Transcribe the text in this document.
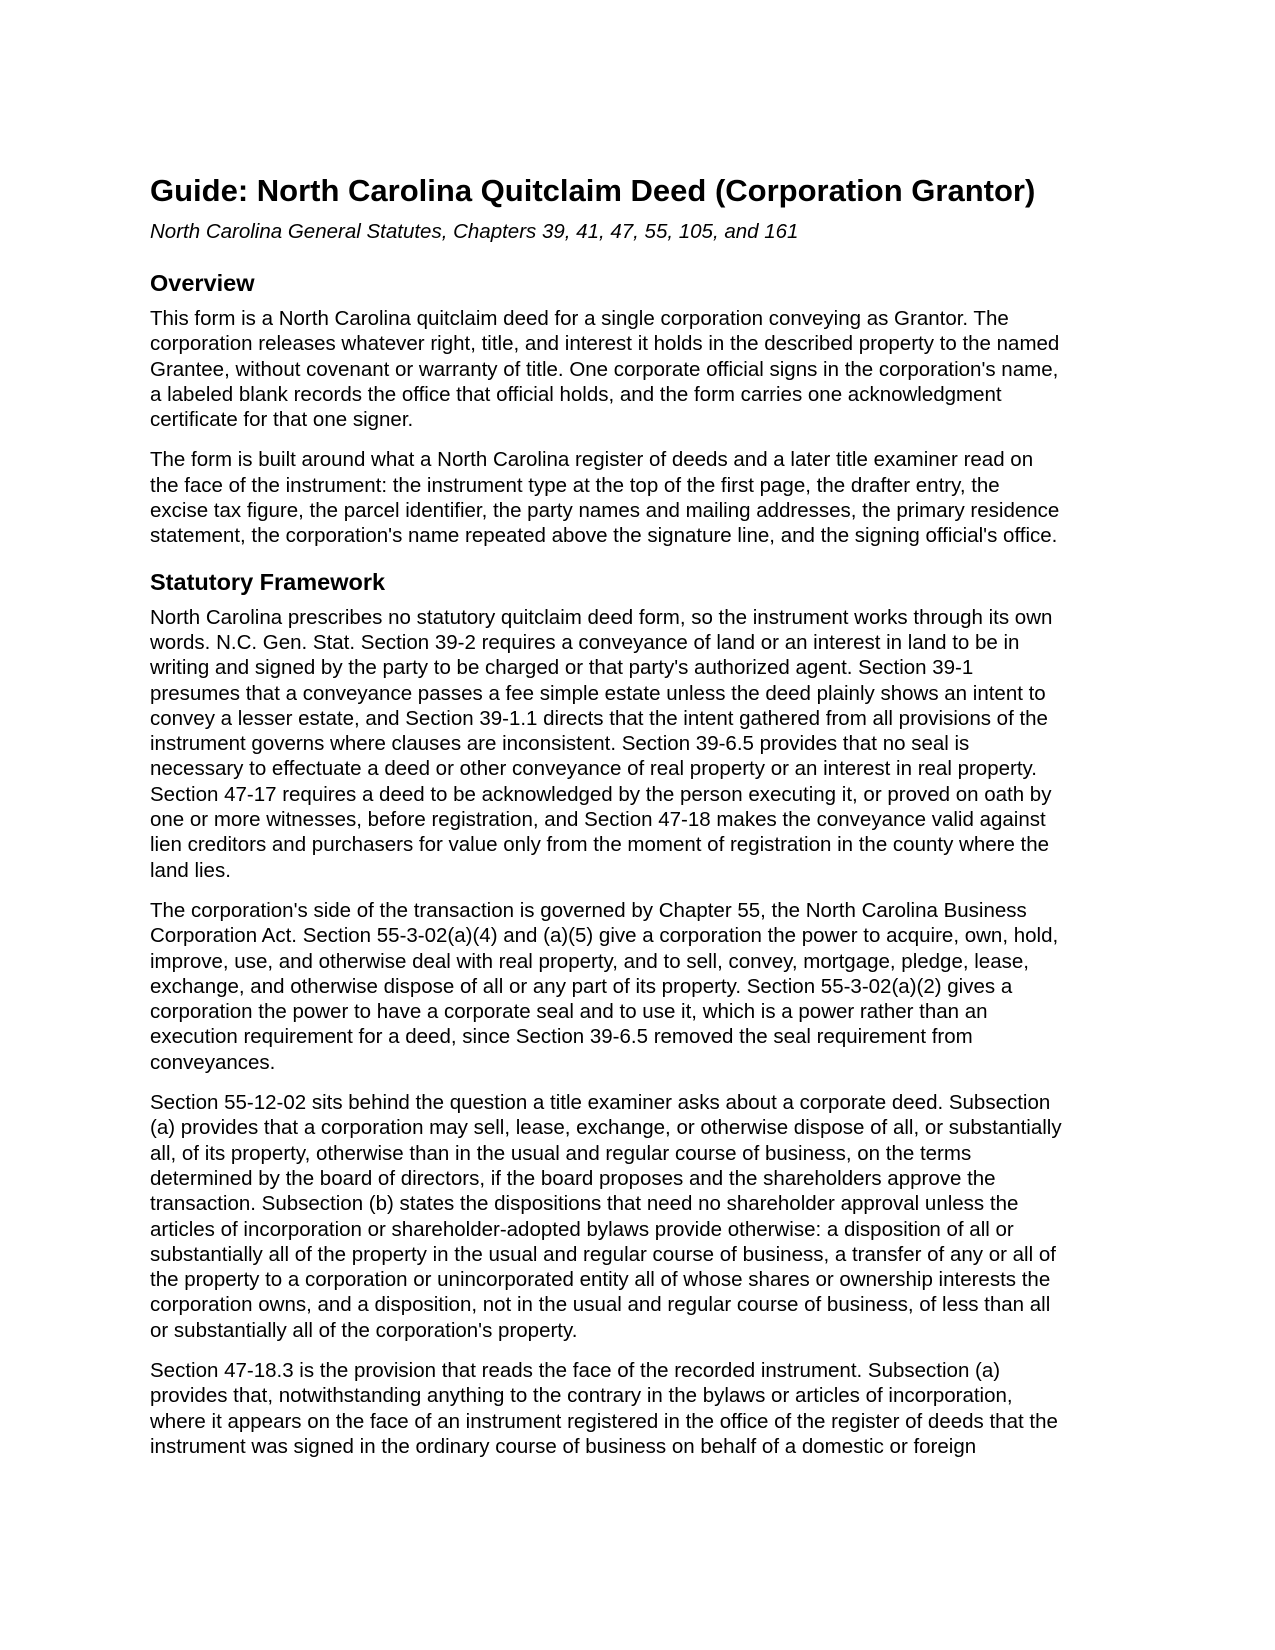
Guide: North Carolina Quitclaim Deed (Corporation Grantor)
North Carolina General Statutes, Chapters 39, 41, 47, 55, 105, and 161
Overview

This form is a North Carolina quitclaim deed for a single corporation conveying as Grantor. The
corporation releases whatever right, title, and interest it holds in the described property to the named
Grantee, without covenant or warranty of title. One corporate official signs in the corporation's name,
a labeled blank records the office that official holds, and the form carries one acknowledgment
certificate for that one signer.

The form is built around what a North Carolina register of deeds and a later title examiner read on
the face of the instrument: the instrument type at the top of the first page, the drafter entry, the
excise tax figure, the parcel identifier, the party names and mailing addresses, the primary residence
statement, the corporation's name repeated above the signature line, and the signing official's office.

Statutory Framework

North Carolina prescribes no statutory quitclaim deed form, so the instrument works through its own
words. N.C. Gen. Stat. Section 39-2 requires a conveyance of land or an interest in land to be in
writing and signed by the party to be charged or that party's authorized agent. Section 39-1
presumes that a conveyance passes a fee simple estate unless the deed plainly shows an intent to
convey a lesser estate, and Section 39-1.1 directs that the intent gathered from all provisions of the
instrument governs where clauses are inconsistent. Section 39-6.5 provides that no seal is
necessary to effectuate a deed or other conveyance of real property or an interest in real property.
Section 47-17 requires a deed to be acknowledged by the person executing it, or proved on oath by
one or more witnesses, before registration, and Section 47-18 makes the conveyance valid against
lien creditors and purchasers for value only from the moment of registration in the county where the
land lies.

The corporation's side of the transaction is governed by Chapter 55, the North Carolina Business
Corporation Act. Section 55-3-02(a)(4) and (a)(5) give a corporation the power to acquire, own, hold,
improve, use, and otherwise deal with real property, and to sell, convey, mortgage, pledge, lease,
exchange, and otherwise dispose of all or any part of its property. Section 55-3-02(a)(2) gives a
corporation the power to have a corporate seal and to use it, which is a power rather than an
execution requirement for a deed, since Section 39-6.5 removed the seal requirement from
conveyances.

Section 55-12-02 sits behind the question a title examiner asks about a corporate deed. Subsection
(a) provides that a corporation may sell, lease, exchange, or otherwise dispose of all, or substantially
all, of its property, otherwise than in the usual and regular course of business, on the terms
determined by the board of directors, if the board proposes and the shareholders approve the
transaction. Subsection (b) states the dispositions that need no shareholder approval unless the
articles of incorporation or shareholder-adopted bylaws provide otherwise: a disposition of all or
substantially all of the property in the usual and regular course of business, a transfer of any or all of
the property to a corporation or unincorporated entity all of whose shares or ownership interests the
corporation owns, and a disposition, not in the usual and regular course of business, of less than all
or substantially all of the corporation's property.

Section 47-18.3 is the provision that reads the face of the recorded instrument. Subsection (a)
provides that, notwithstanding anything to the contrary in the bylaws or articles of incorporation,
where it appears on the face of an instrument registered in the office of the register of deeds that the
instrument was signed in the ordinary course of business on behalf of a domestic or foreign
